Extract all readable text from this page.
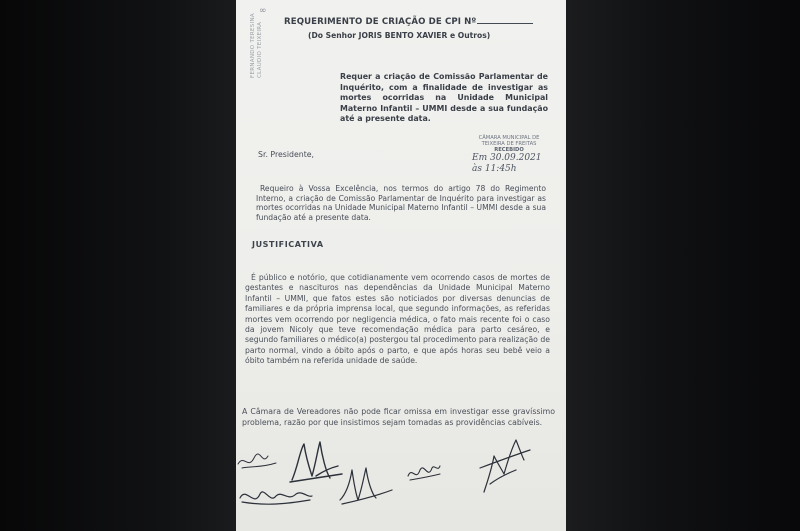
FERNANDO TERESINA
CLAUDIO TEIXEIRA
∞
REQUERIMENTO DE CRIAÇÃO DE CPI Nº
(Do Senhor JORIS BENTO XAVIER e Outros)
Requer a criação de Comissão Parlamentar de Inquérito, com a finalidade de investigar as mortes ocorridas na Unidade Municipal Materno Infantil – UMMI desde a sua fundação até a presente data.
CÂMARA MUNICIPAL DE
TEIXEIRA DE FREITAS
RECEBIDO
Em 30.09.2021
às 11:45h
Sr. Presidente,
Requeiro à Vossa Excelência, nos termos do artigo 78 do Regimento Interno, a criação de Comissão Parlamentar de Inquérito para investigar as mortes ocorridas na Unidade Municipal Materno Infantil – UMMI desde a sua fundação até a presente data.
JUSTIFICATIVA
É público e notório, que cotidianamente vem ocorrendo casos de mortes de gestantes e nascituros nas dependências da Unidade Municipal Materno Infantil – UMMI, que fatos estes são noticiados por diversas denuncias de familiares e da própria imprensa local, que segundo informações, as referidas mortes vem ocorrendo por negligencia médica, o fato mais recente foi o caso da jovem Nicoly que teve recomendação médica para parto cesáreo, e segundo familiares o médico(a) postergou tal procedimento para realização de parto normal, vindo a óbito após o parto, e que após horas seu bebê veio a óbito também na referida unidade de saúde.
A Câmara de Vereadores não pode ficar omissa em investigar esse gravíssimo problema, razão por que insistimos sejam tomadas as providências cabíveis.
